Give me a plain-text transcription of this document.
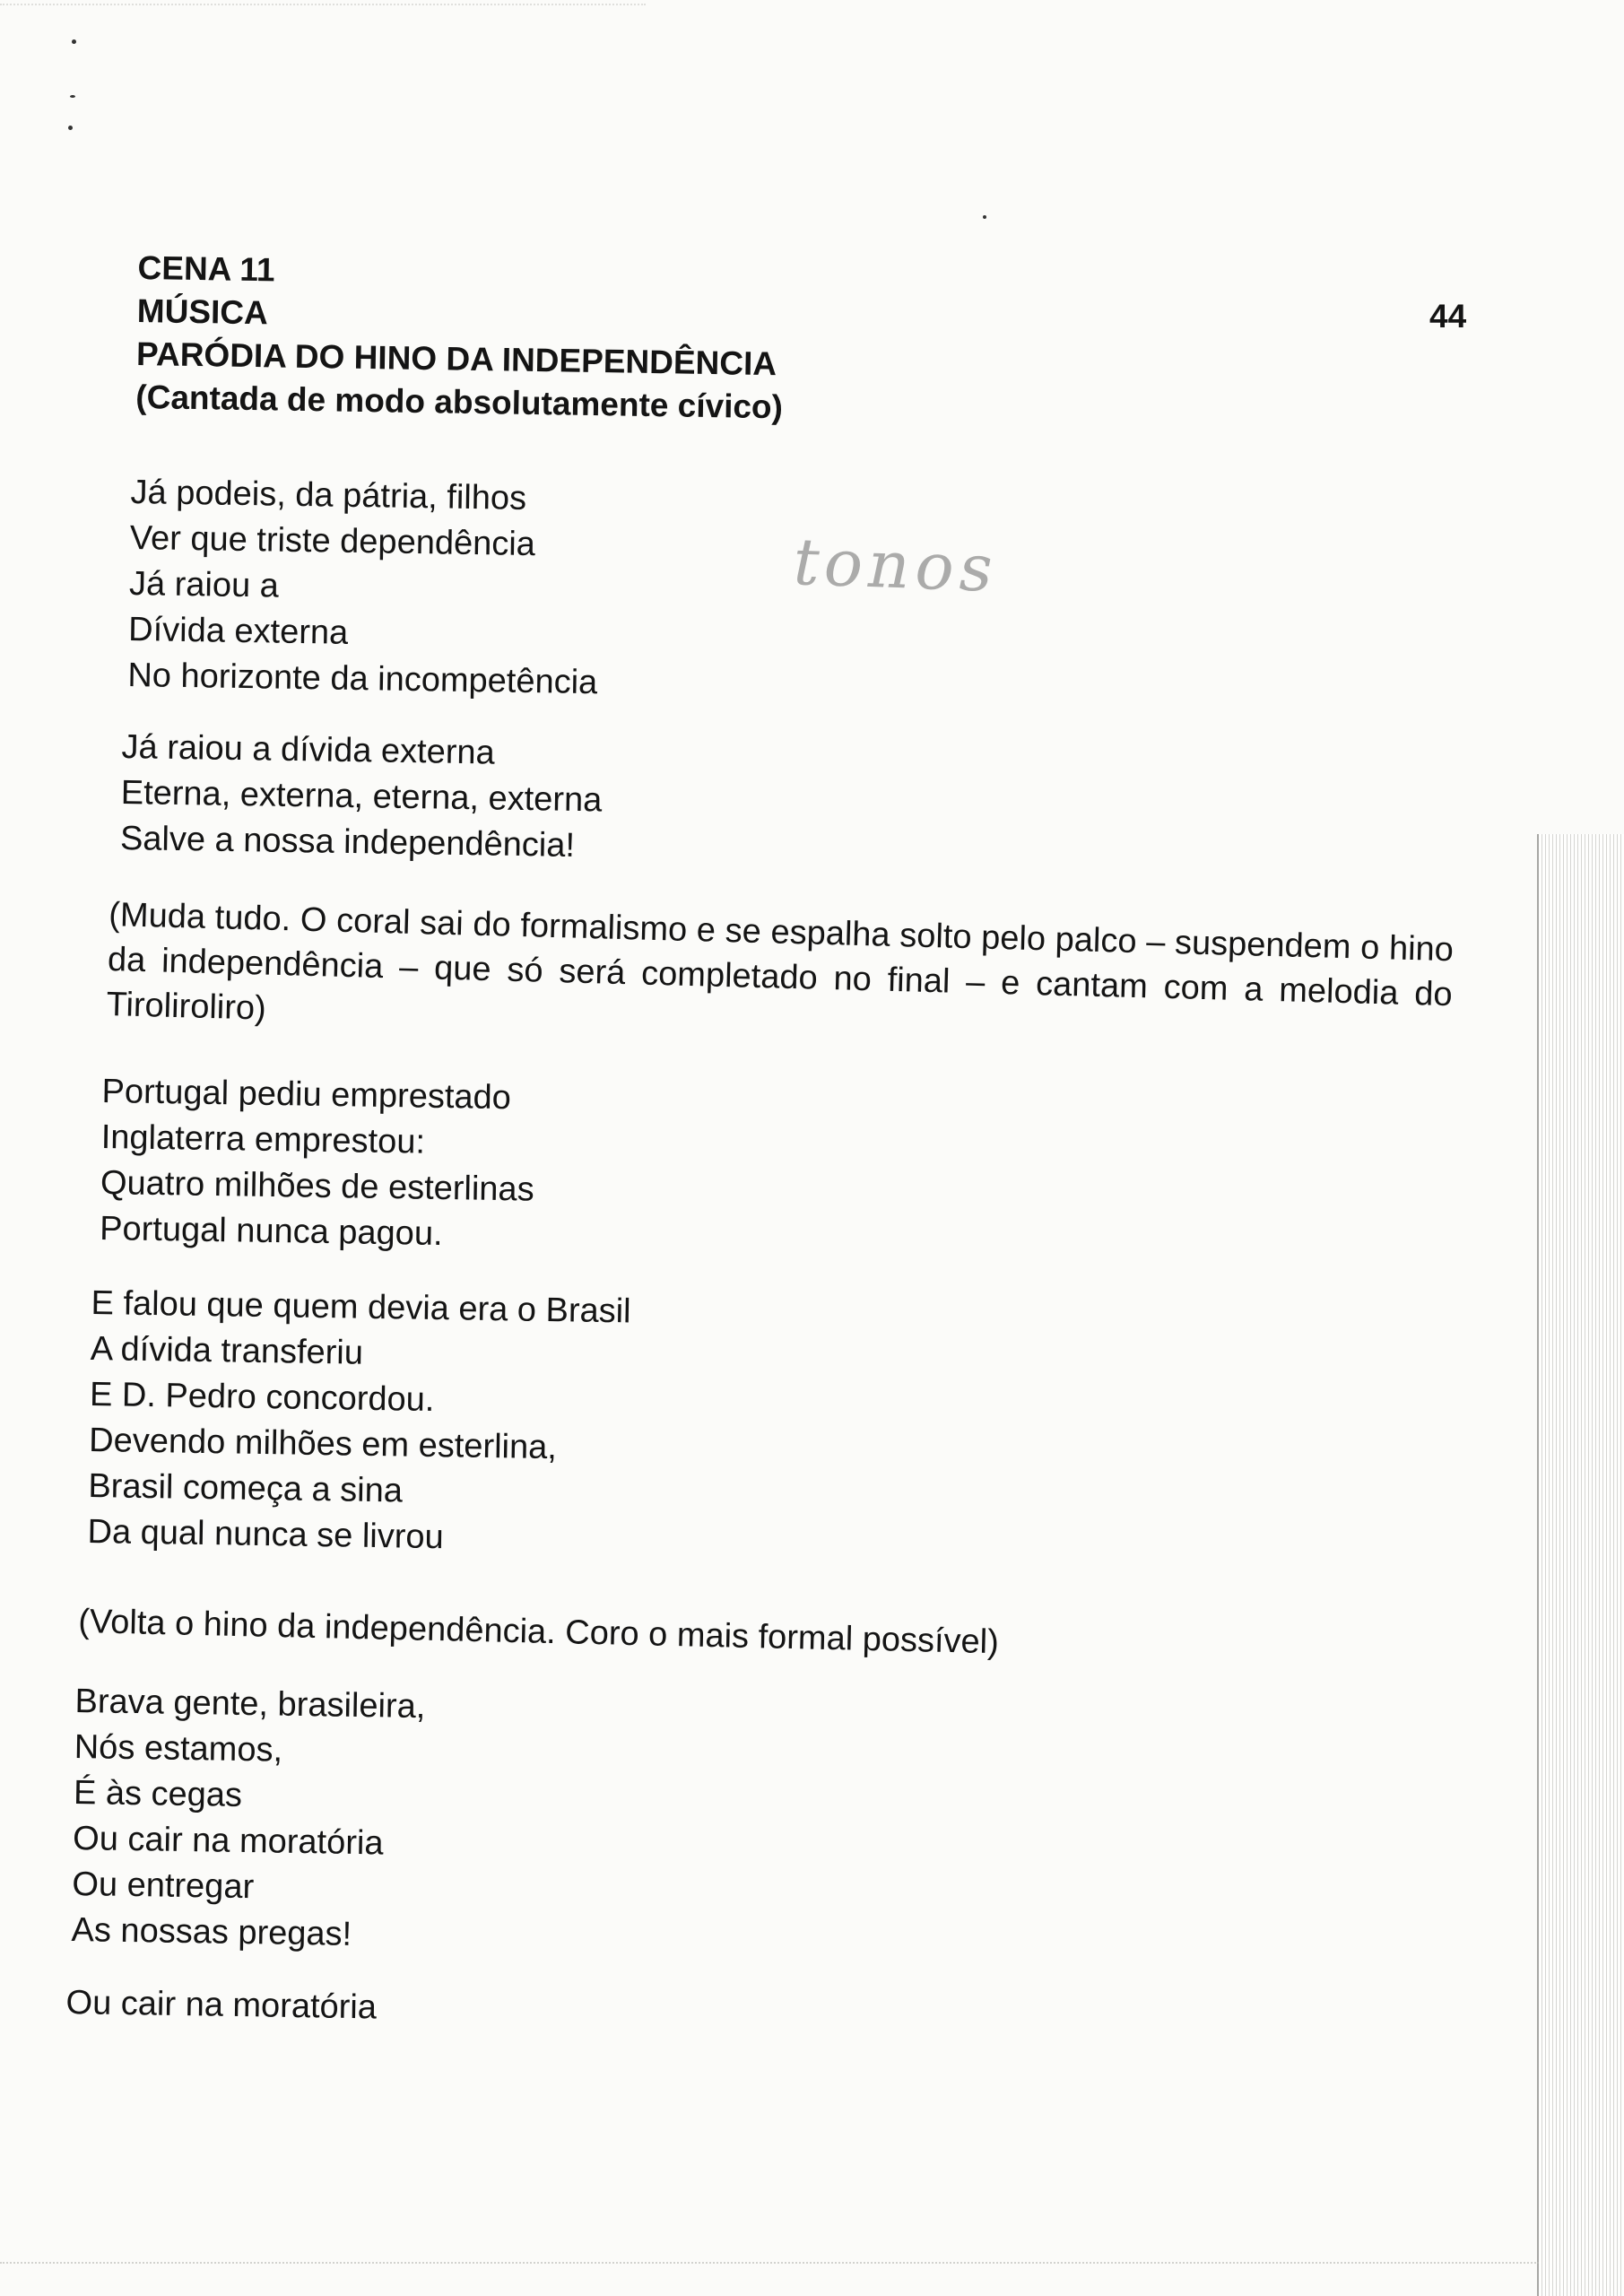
CENA 11
MÚSICA
PARÓDIA DO HINO DA INDEPENDÊNCIA
(Cantada de modo absolutamente cívico)
44
tonos
Já podeis, da pátria, filhos
Ver que triste dependência
Já raiou a
Dívida externa
No horizonte da incompetência
Já raiou a dívida externa
Eterna, externa, eterna, externa
Salve a nossa independência!
(Muda tudo. O coral sai do formalismo e se espalha solto pelo palco – suspendem o hino da independência – que só será completado no final – e cantam com a melodia do Tiroliroliro)
Portugal pediu emprestado
Inglaterra emprestou:
Quatro milhões de esterlinas
Portugal nunca pagou.
E falou que quem devia era o Brasil
A dívida transferiu
E D. Pedro concordou.
Devendo milhões em esterlina,
Brasil começa a sina
Da qual nunca se livrou
(Volta o hino da independência. Coro o mais formal possível)
Brava gente, brasileira,
Nós estamos,
É às cegas
Ou cair na moratória
Ou entregar
As nossas pregas!
Ou cair na moratória
